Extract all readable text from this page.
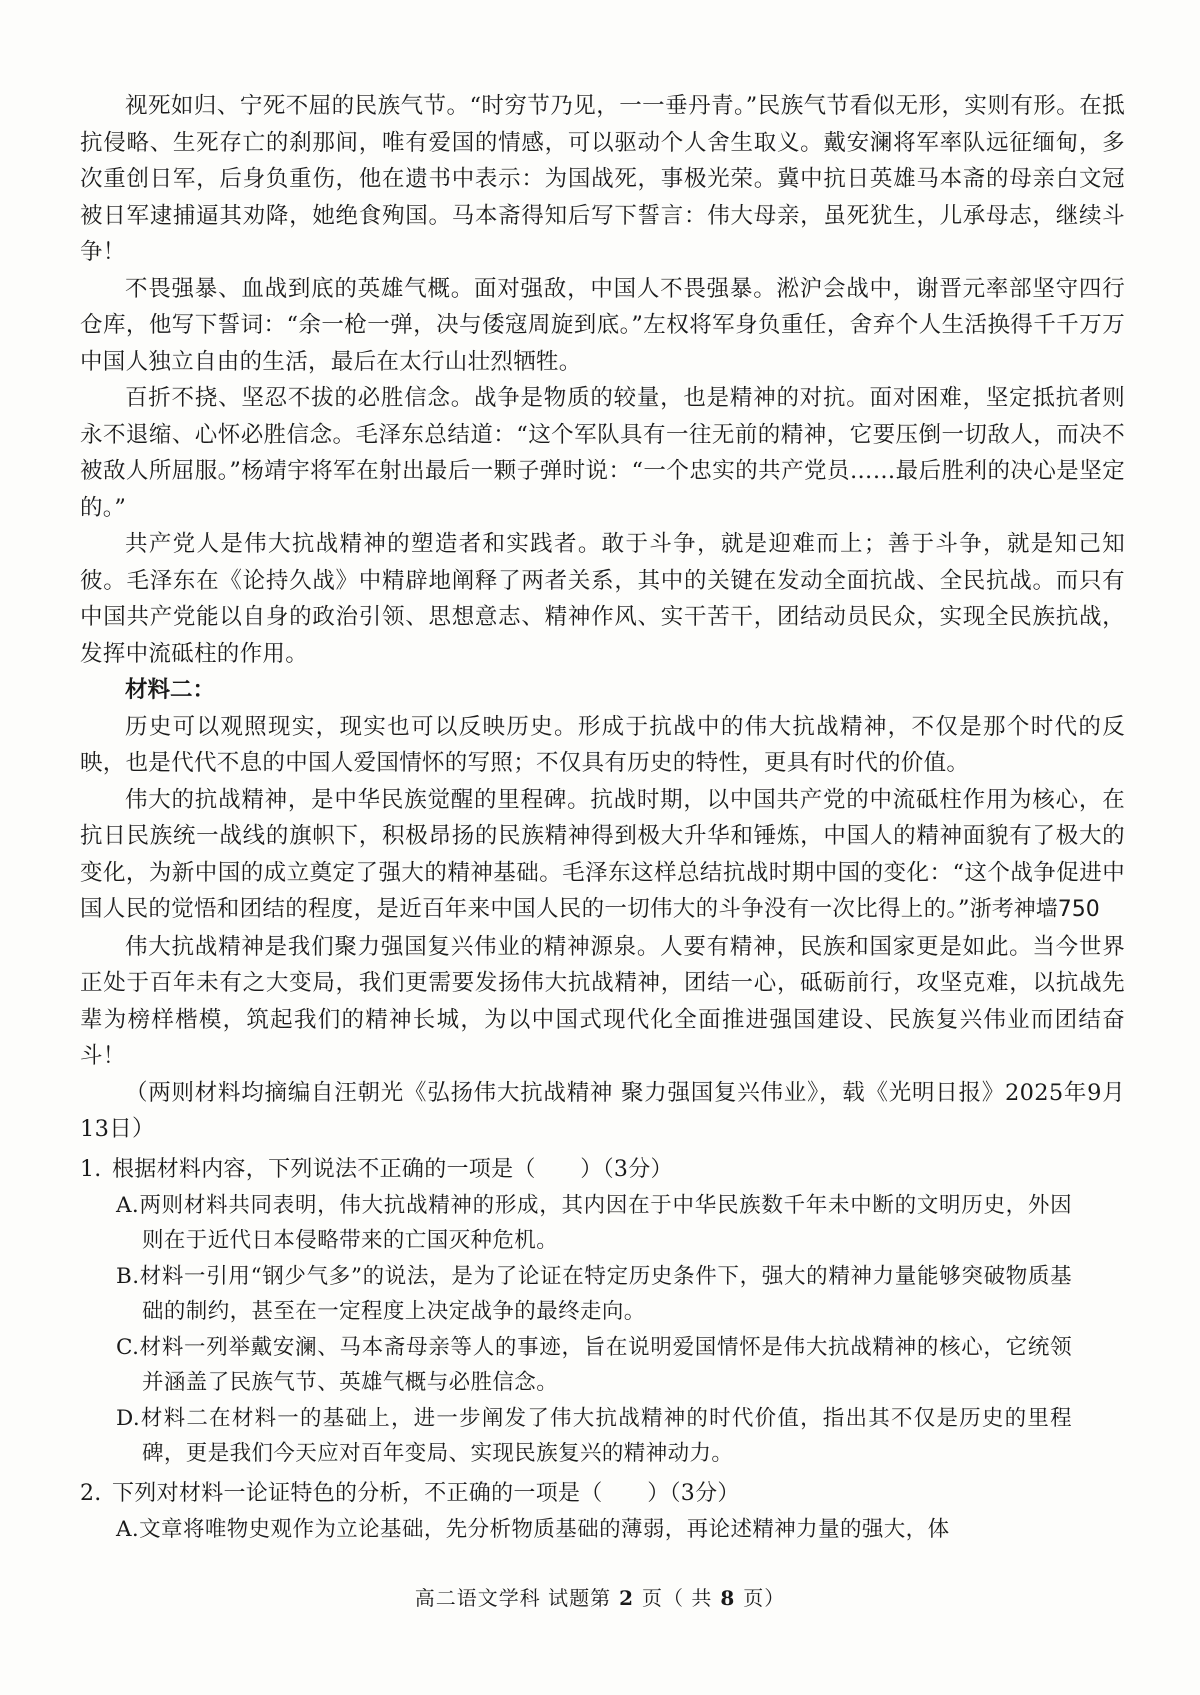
视死如归、宁死不屈的民族气节。“时穷节乃见，一一垂丹青。”民族气节看似无形，实则有形。在抵抗侵略、生死存亡的刹那间，唯有爱国的情感，可以驱动个人舍生取义。戴安澜将军率队远征缅甸，多次重创日军，后身负重伤，他在遗书中表示：为国战死，事极光荣。冀中抗日英雄马本斋的母亲白文冠被日军逮捕逼其劝降，她绝食殉国。马本斋得知后写下誓言：伟大母亲，虽死犹生，儿承母志，继续斗争！

不畏强暴、血战到底的英雄气概。面对强敌，中国人不畏强暴。淞沪会战中，谢晋元率部坚守四行仓库，他写下誓词：“余一枪一弹，决与倭寇周旋到底。”左权将军身负重任，舍弃个人生活换得千千万万中国人独立自由的生活，最后在太行山壮烈牺牲。

百折不挠、坚忍不拔的必胜信念。战争是物质的较量，也是精神的对抗。面对困难，坚定抵抗者则永不退缩、心怀必胜信念。毛泽东总结道：“这个军队具有一往无前的精神，它要压倒一切敌人，而决不被敌人所屈服。”杨靖宇将军在射出最后一颗子弹时说：“一个忠实的共产党员……最后胜利的决心是坚定的。”

共产党人是伟大抗战精神的塑造者和实践者。敢于斗争，就是迎难而上；善于斗争，就是知己知彼。毛泽东在《论持久战》中精辟地阐释了两者关系，其中的关键在发动全面抗战、全民抗战。而只有中国共产党能以自身的政治引领、思想意志、精神作风、实干苦干，团结动员民众，实现全民族抗战，发挥中流砥柱的作用。

材料二：

历史可以观照现实，现实也可以反映历史。形成于抗战中的伟大抗战精神，不仅是那个时代的反映，也是代代不息的中国人爱国情怀的写照；不仅具有历史的特性，更具有时代的价值。

伟大的抗战精神，是中华民族觉醒的里程碑。抗战时期，以中国共产党的中流砥柱作用为核心，在抗日民族统一战线的旗帜下，积极昂扬的民族精神得到极大升华和锤炼，中国人的精神面貌有了极大的变化，为新中国的成立奠定了强大的精神基础。毛泽东这样总结抗战时期中国的变化：“这个战争促进中国人民的觉悟和团结的程度，是近百年来中国人民的一切伟大的斗争没有一次比得上的。”浙考神墙750

伟大抗战精神是我们聚力强国复兴伟业的精神源泉。人要有精神，民族和国家更是如此。当今世界正处于百年未有之大变局，我们更需要发扬伟大抗战精神，团结一心，砥砺前行，攻坚克难，以抗战先辈为榜样楷模，筑起我们的精神长城，为以中国式现代化全面推进强国建设、民族复兴伟业而团结奋斗！

（两则材料均摘编自汪朝光《弘扬伟大抗战精神 聚力强国复兴伟业》，载《光明日报》2025年9月13日）

1. 根据材料内容，下列说法不正确的一项是（　　）（3分）

A.两则材料共同表明，伟大抗战精神的形成，其内因在于中华民族数千年未中断的文明历史，外因则在于近代日本侵略带来的亡国灭种危机。

B.材料一引用“钢少气多”的说法，是为了论证在特定历史条件下，强大的精神力量能够突破物质基础的制约，甚至在一定程度上决定战争的最终走向。

C.材料一列举戴安澜、马本斋母亲等人的事迹，旨在说明爱国情怀是伟大抗战精神的核心，它统领并涵盖了民族气节、英雄气概与必胜信念。

D.材料二在材料一的基础上，进一步阐发了伟大抗战精神的时代价值，指出其不仅是历史的里程碑，更是我们今天应对百年变局、实现民族复兴的精神动力。

2. 下列对材料一论证特色的分析，不正确的一项是（　　）（3分）

A.文章将唯物史观作为立论基础，先分析物质基础的薄弱，再论述精神力量的强大，体

高二语文学科 试题第 2 页（ 共 8 页）
